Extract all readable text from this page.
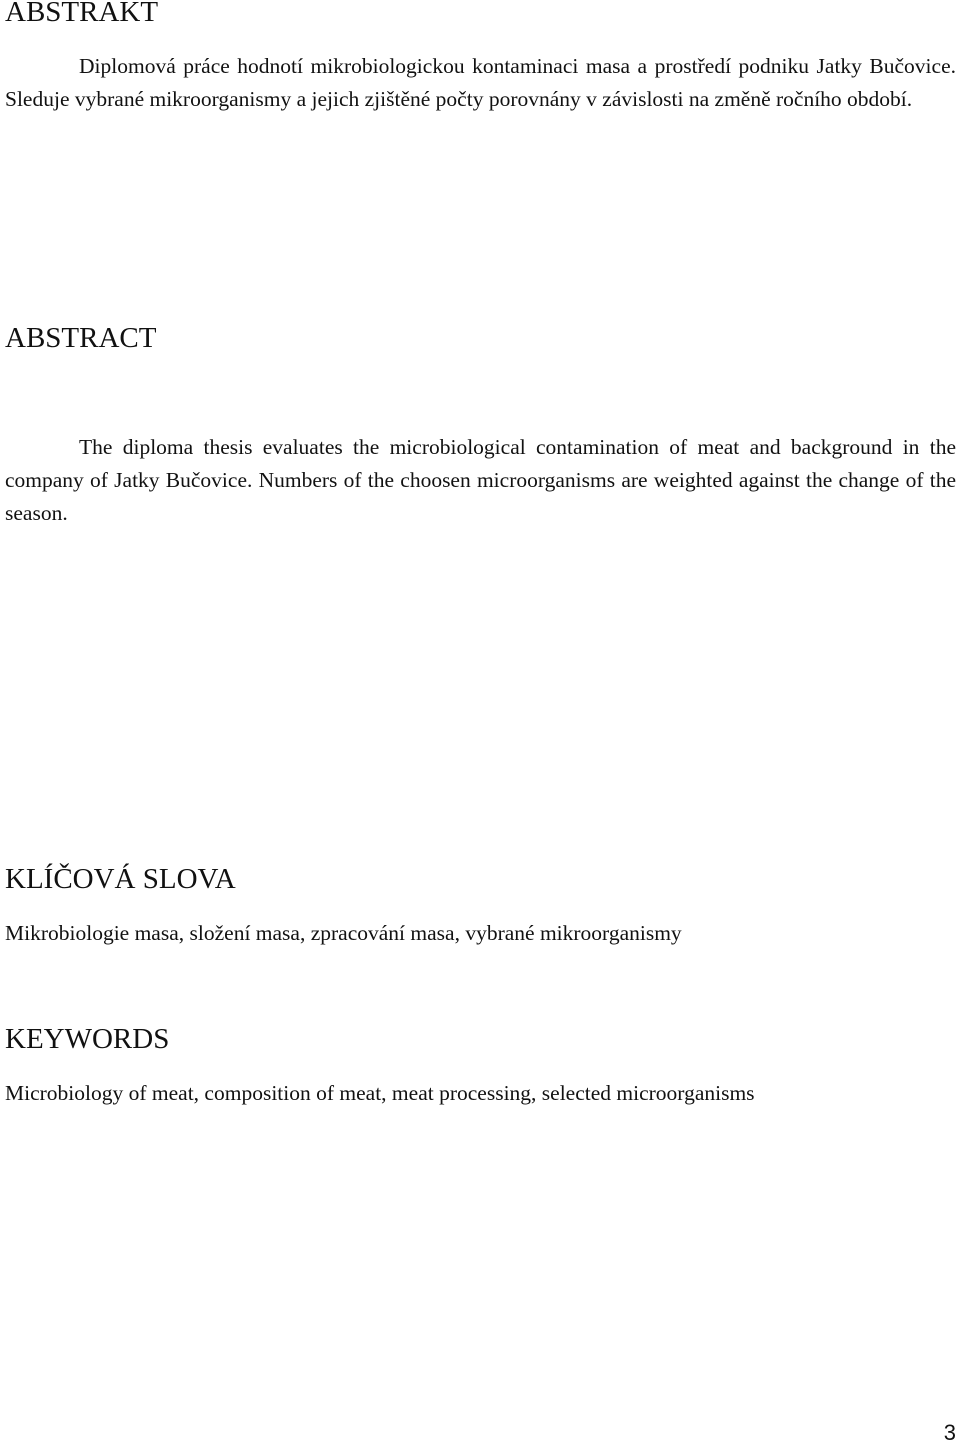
ABSTRAKT

Diplomová práce hodnotí mikrobiologickou kontaminaci masa a prostředí podniku Jatky Bučovice. Sleduje vybrané mikroorganismy a jejich zjištěné počty porovnány v závislosti na změně ročního období.

ABSTRACT

The diploma thesis evaluates the microbiological contamination of meat and background in the company of Jatky Bučovice. Numbers of the choosen microorganisms are weighted against the change of the season.

KLÍČOVÁ SLOVA

Mikrobiologie masa, složení masa, zpracování masa, vybrané mikroorganismy

KEYWORDS

Microbiology of meat, composition of meat, meat processing, selected microorganisms

3
